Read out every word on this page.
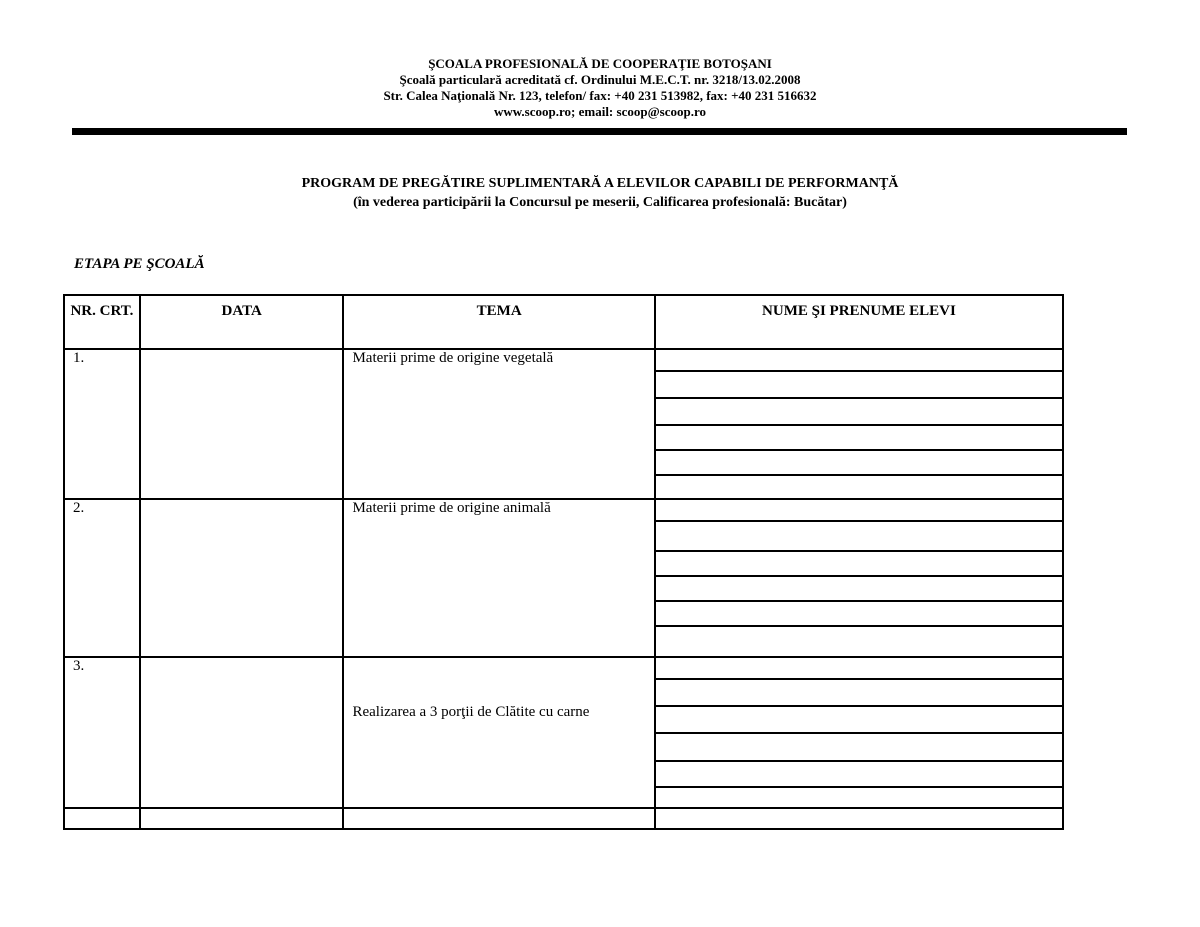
ŞCOALA PROFESIONALĂ DE COOPERAŢIE BOTOŞANI
Şcoală particulară acreditată cf. Ordinului M.E.C.T. nr. 3218/13.02.2008
Str. Calea Naţională Nr. 123, telefon/ fax: +40 231 513982, fax: +40 231 516632
www.scoop.ro; email: scoop@scoop.ro
PROGRAM DE PREGĂTIRE SUPLIMENTARĂ A ELEVILOR CAPABILI DE PERFORMANŢĂ
(în vederea participării la Concursul pe meserii, Calificarea profesională: Bucătar)
ETAPA PE ŞCOALĂ
NR. CRT.	DATA	TEMA	NUME ŞI PRENUME ELEVI

1.		Materii prime de origine vegetală	

2.		Materii prime de origine animală	

3.		Realizarea a 3 porţii de Clătite cu carne	
